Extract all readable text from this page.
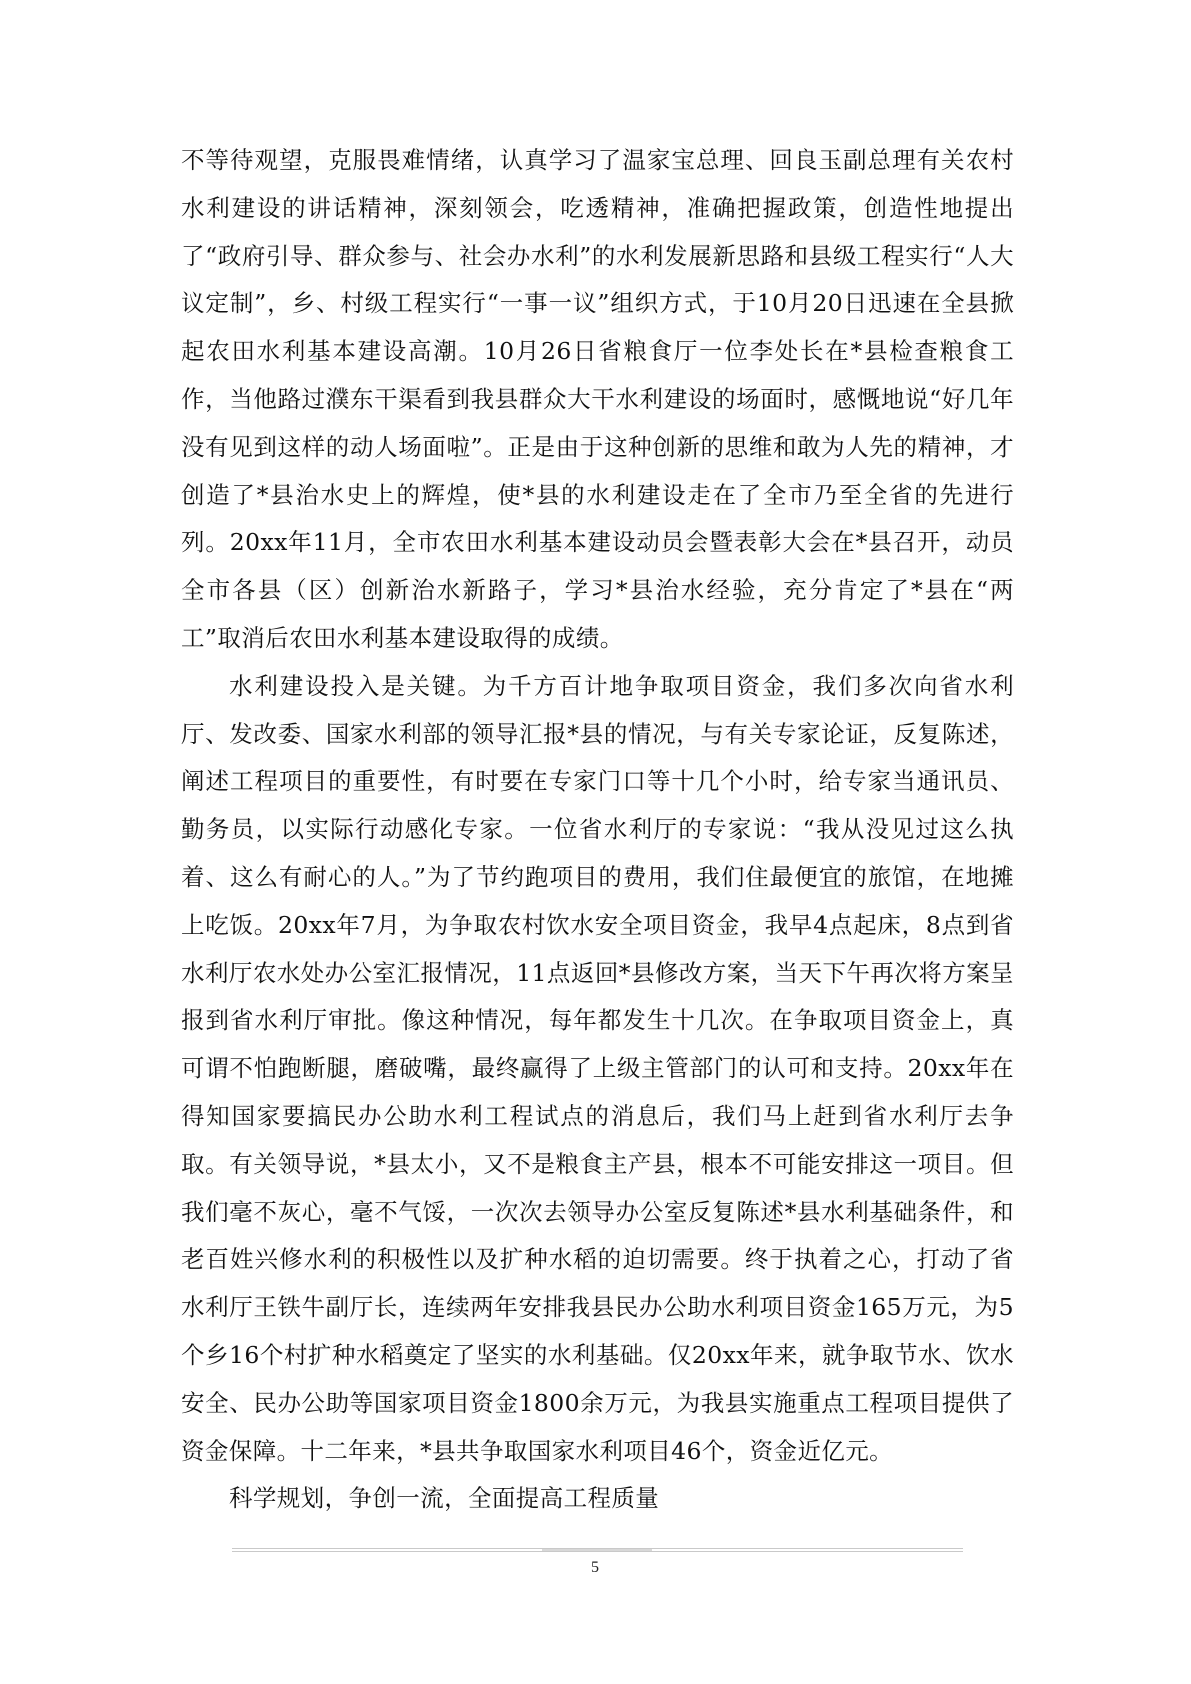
不等待观望，克服畏难情绪，认真学习了温家宝总理、回良玉副总理有关农村水利建设的讲话精神，深刻领会，吃透精神，准确把握政策，创造性地提出了“政府引导、群众参与、社会办水利”的水利发展新思路和县级工程实行“人大议定制”，乡、村级工程实行“一事一议”组织方式，于10月20日迅速在全县掀起农田水利基本建设高潮。10月26日省粮食厅一位李处长在*县检查粮食工作，当他路过濮东干渠看到我县群众大干水利建设的场面时，感慨地说“好几年没有见到这样的动人场面啦”。正是由于这种创新的思维和敢为人先的精神，才创造了*县治水史上的辉煌，使*县的水利建设走在了全市乃至全省的先进行列。20xx年11月，全市农田水利基本建设动员会暨表彰大会在*县召开，动员全市各县（区）创新治水新路子，学习*县治水经验，充分肯定了*县在“两工”取消后农田水利基本建设取得的成绩。

水利建设投入是关键。为千方百计地争取项目资金，我们多次向省水利厅、发改委、国家水利部的领导汇报*县的情况，与有关专家论证，反复陈述，阐述工程项目的重要性，有时要在专家门口等十几个小时，给专家当通讯员、勤务员，以实际行动感化专家。一位省水利厅的专家说：“我从没见过这么执着、这么有耐心的人。”为了节约跑项目的费用，我们住最便宜的旅馆，在地摊上吃饭。20xx年7月，为争取农村饮水安全项目资金，我早4点起床，8点到省水利厅农水处办公室汇报情况，11点返回*县修改方案，当天下午再次将方案呈报到省水利厅审批。像这种情况，每年都发生十几次。在争取项目资金上，真可谓不怕跑断腿，磨破嘴，最终赢得了上级主管部门的认可和支持。20xx年在得知国家要搞民办公助水利工程试点的消息后，我们马上赶到省水利厅去争取。有关领导说，*县太小，又不是粮食主产县，根本不可能安排这一项目。但我们毫不灰心，毫不气馁，一次次去领导办公室反复陈述*县水利基础条件，和老百姓兴修水利的积极性以及扩种水稻的迫切需要。终于执着之心，打动了省水利厅王铁牛副厅长，连续两年安排我县民办公助水利项目资金165万元，为5个乡16个村扩种水稻奠定了坚实的水利基础。仅20xx年来，就争取节水、饮水安全、民办公助等国家项目资金1800余万元，为我县实施重点工程项目提供了资金保障。十二年来，*县共争取国家水利项目46个，资金近亿元。

科学规划，争创一流，全面提高工程质量

5
